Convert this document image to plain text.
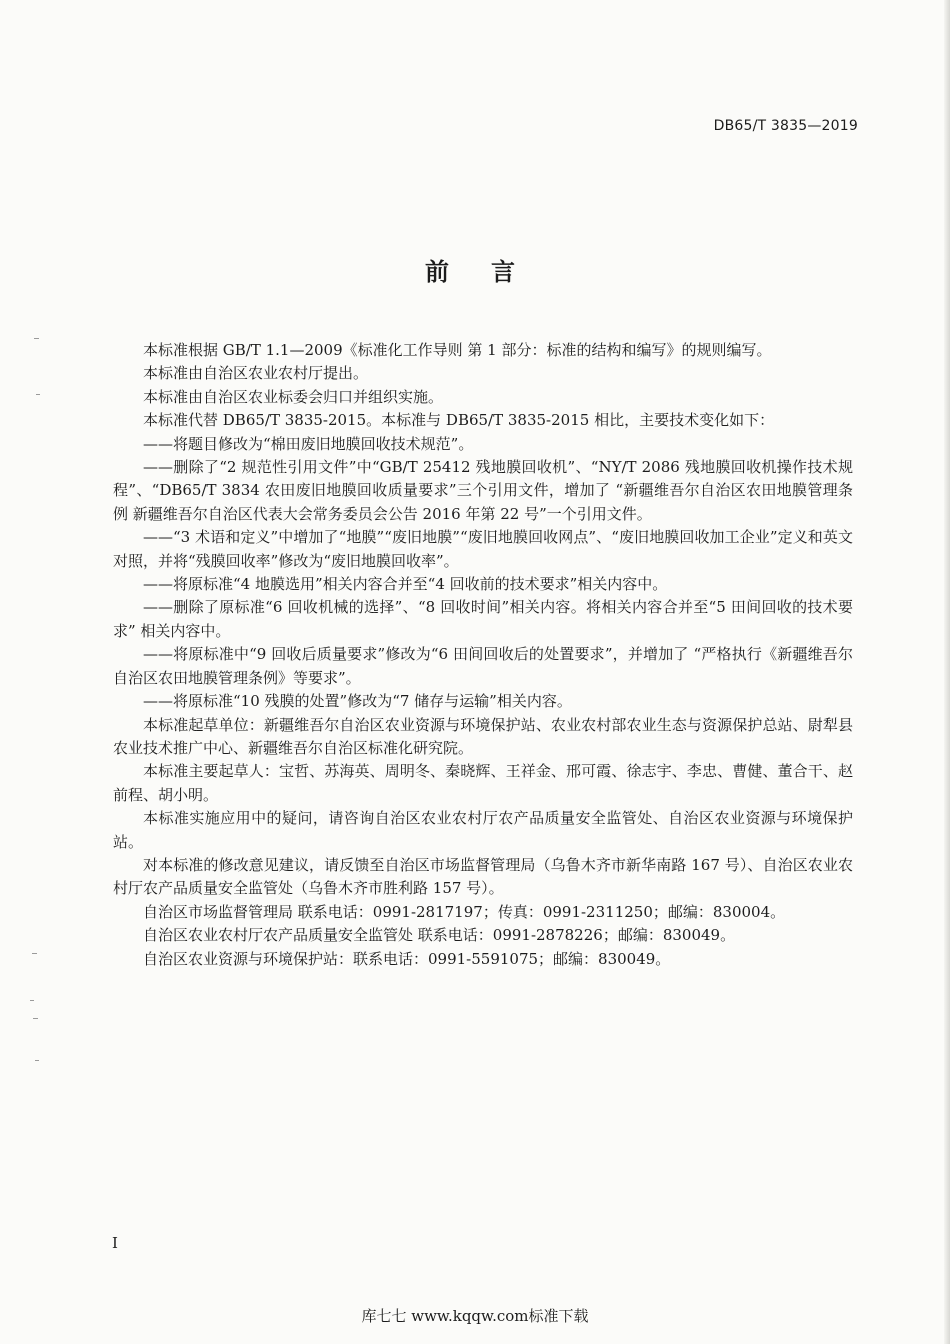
DB65/T 3835—2019
前言

本标准根据 GB/T 1.1—2009《标准化工作导则 第 1 部分：标准的结构和编写》的规则编写。

本标准由自治区农业农村厅提出。

本标准由自治区农业标委会归口并组织实施。

本标准代替 DB65/T 3835-2015。本标准与 DB65/T 3835-2015 相比，主要技术变化如下：

——将题目修改为“棉田废旧地膜回收技术规范”。

——删除了“2 规范性引用文件”中“GB/T 25412 残地膜回收机”、“NY/T 2086 残地膜回收机操作技术规程”、“DB65/T 3834 农田废旧地膜回收质量要求”三个引用文件，增加了 “新疆维吾尔自治区农田地膜管理条例 新疆维吾尔自治区代表大会常务委员会公告 2016 年第 22 号”一个引用文件。

——“3 术语和定义”中增加了“地膜”“废旧地膜”“废旧地膜回收网点”、“废旧地膜回收加工企业”定义和英文对照，并将“残膜回收率”修改为“废旧地膜回收率”。

——将原标准“4 地膜选用”相关内容合并至“4 回收前的技术要求”相关内容中。

——删除了原标准“6 回收机械的选择”、“8 回收时间”相关内容。将相关内容合并至“5 田间回收的技术要求” 相关内容中。

——将原标准中“9 回收后质量要求”修改为“6 田间回收后的处置要求”，并增加了 “严格执行《新疆维吾尔自治区农田地膜管理条例》等要求”。

——将原标准“10 残膜的处置”修改为“7 储存与运输”相关内容。

本标准起草单位：新疆维吾尔自治区农业资源与环境保护站、农业农村部农业生态与资源保护总站、尉犁县农业技术推广中心、新疆维吾尔自治区标准化研究院。

本标准主要起草人：宝哲、苏海英、周明冬、秦晓辉、王祥金、邢可霞、徐志宇、李忠、曹健、董合干、赵前程、胡小明。

本标准实施应用中的疑问，请咨询自治区农业农村厅农产品质量安全监管处、自治区农业资源与环境保护站。

对本标准的修改意见建议，请反馈至自治区市场监督管理局（乌鲁木齐市新华南路 167 号）、自治区农业农村厅农产品质量安全监管处（乌鲁木齐市胜利路 157 号）。

自治区市场监督管理局 联系电话：0991-2817197；传真：0991-2311250；邮编：830004。

自治区农业农村厅农产品质量安全监管处 联系电话：0991-2878226；邮编：830049。

自治区农业资源与环境保护站：联系电话：0991-5591075；邮编：830049。

I
库七七 www.kqqw.com标准下载
